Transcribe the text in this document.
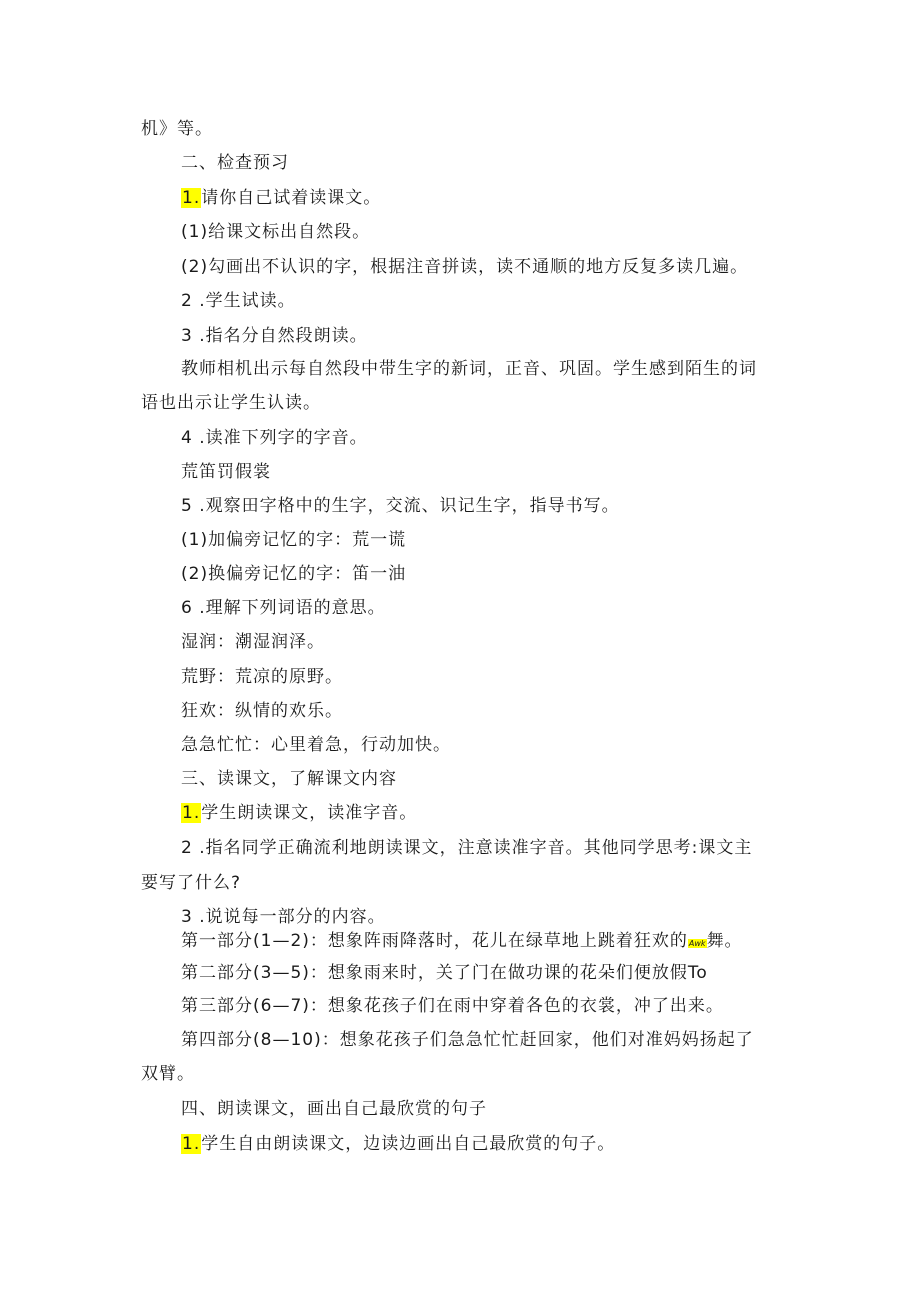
机》等。
二、检查预习
1.请你自己试着读课文。
(1)给课文标出自然段。
(2)勾画出不认识的字，根据注音拼读，读不通顺的地方反复多读几遍。
2 .学生试读。
3 .指名分自然段朗读。
教师相机出示每自然段中带生字的新词，正音、巩固。学生感到陌生的词
语也出示让学生认读。
4 .读准下列字的字音。
荒笛罚假裳
5 .观察田字格中的生字，交流、识记生字，指导书写。
(1)加偏旁记忆的字：荒一谎
(2)换偏旁记忆的字：笛一油
6 .理解下列词语的意思。
湿润：潮湿润泽。
荒野：荒凉的原野。
狂欢：纵情的欢乐。
急急忙忙：心里着急，行动加快。
三、读课文，了解课文内容
1.学生朗读课文，读准字音。
2 .指名同学正确流利地朗读课文，注意读准字音。其他同学思考:课文主
要写了什么?
3 .说说每一部分的内容。
第一部分(1—2)：想象阵雨降落时，花儿在绿草地上跳着狂欢的Awk舞。
第二部分(3—5)：想象雨来时，关了门在做功课的花朵们便放假To
第三部分(6—7)：想象花孩子们在雨中穿着各色的衣裳，冲了出来。
第四部分(8—10)：想象花孩子们急急忙忙赶回家，他们对准妈妈扬起了
双臂。
四、朗读课文，画出自己最欣赏的句子
1.学生自由朗读课文，边读边画出自己最欣赏的句子。
